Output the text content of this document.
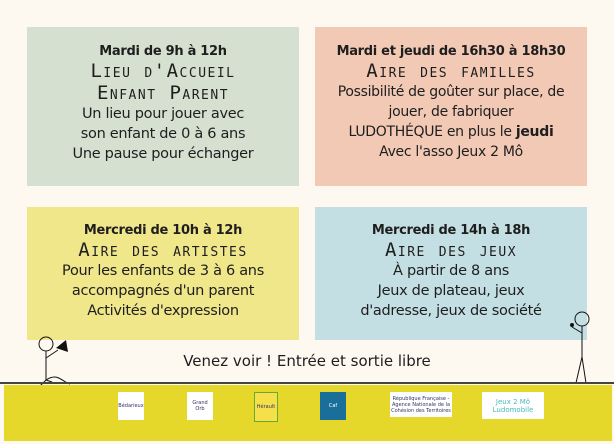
Mardi de 9h à 12h
Lieu d'Accueil
Enfant Parent
Un lieu pour jouer avec
son enfant de 0 à 6 ans
Une pause pour échanger
Mardi et jeudi de 16h30 à 18h30
Aire des familles
Possibilité de goûter sur place, de
jouer, de fabriquer
LUDOTHÉQUE en plus le jeudi
Avec l'asso Jeux 2 Mô
Mercredi de 10h à 12h
Aire des artistes
Pour les enfants de 3 à 6 ans
accompagnés d'un parent
Activités d'expression
Mercredi de 14h à 18h
Aire des jeux
À partir de 8 ans
Jeux de plateau, jeux
d'adresse, jeux de société
Venez voir ! Entrée et sortie libre
Bédarieux	Grand Orb	Hérault	Caf
République Française - Agence Nationale de la Cohésion des Territoires
Jeux 2 Mô Ludomobile
